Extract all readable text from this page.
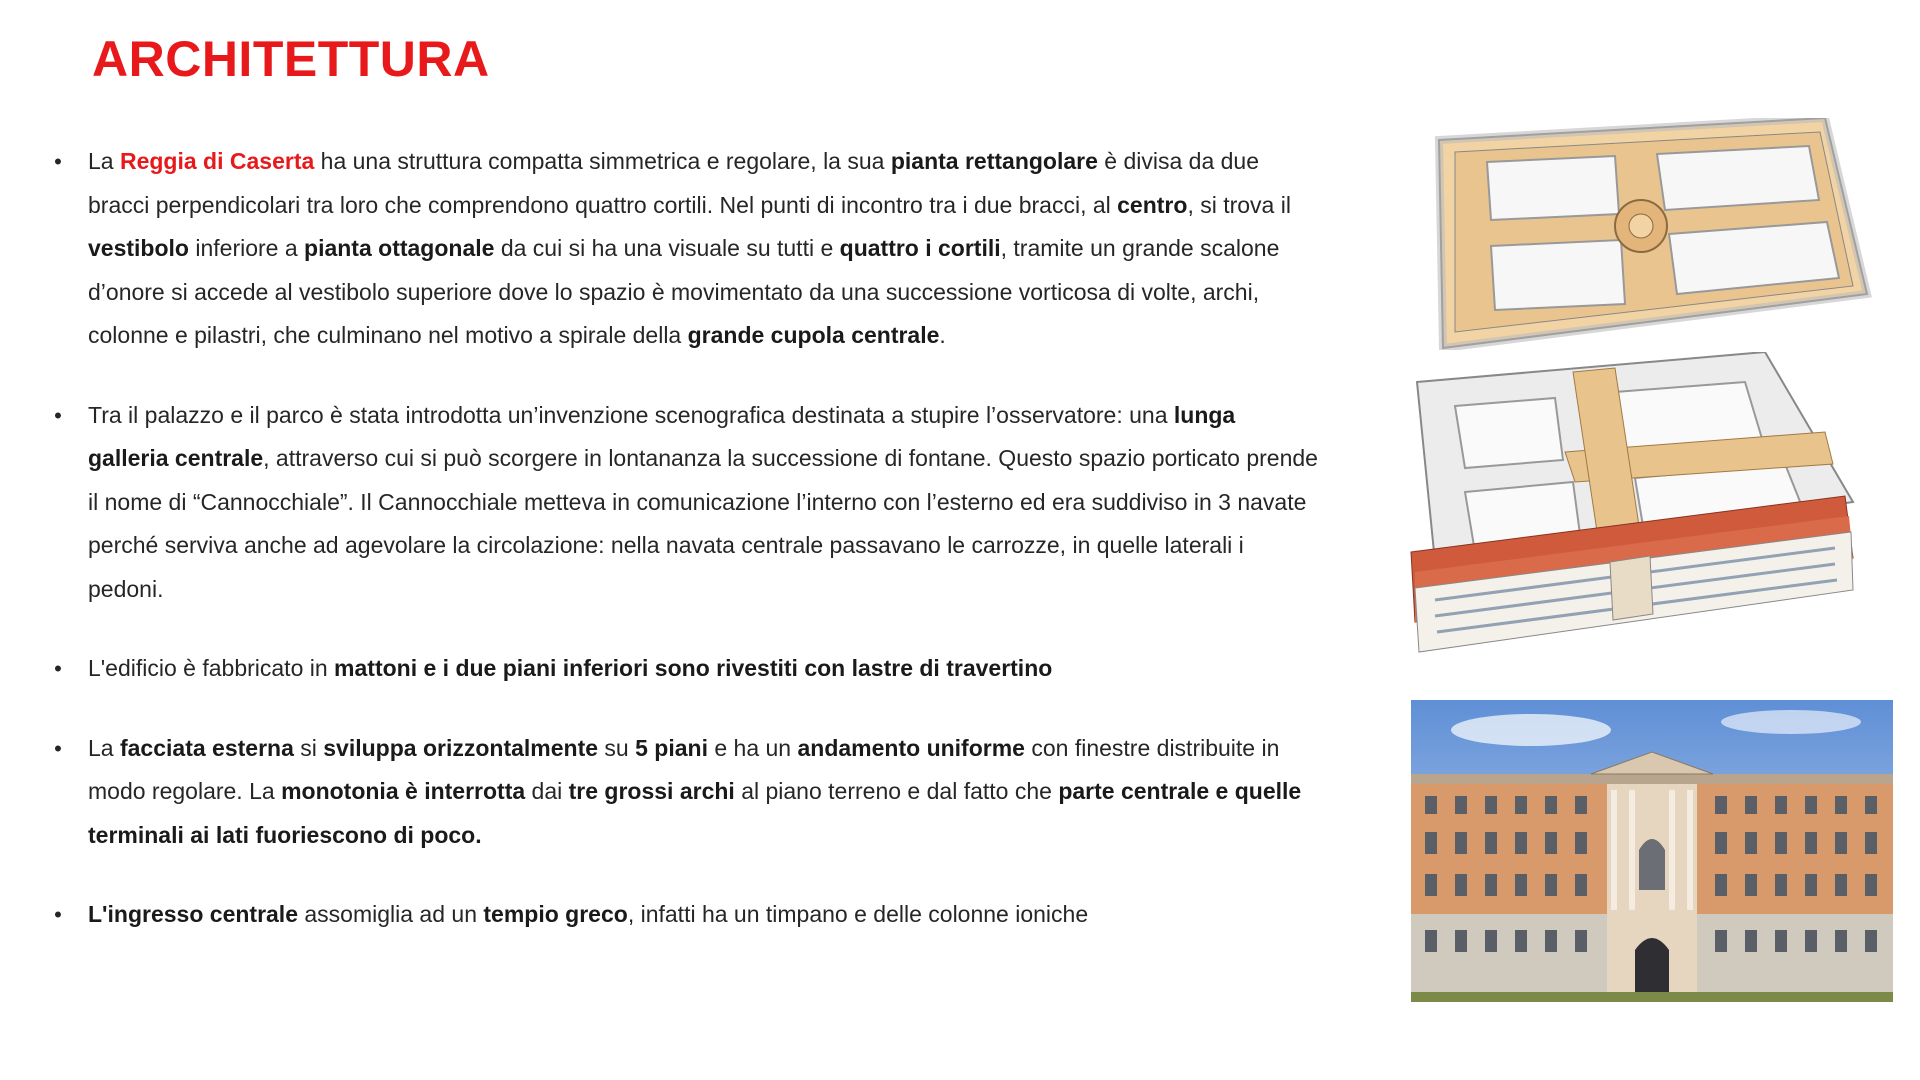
ARCHITETTURA
• La Reggia di Caserta ha una struttura compatta simmetrica e regolare, la sua pianta rettangolare è divisa da due bracci perpendicolari tra loro che comprendono quattro cortili. Nel punti di incontro tra i due bracci, al centro, si trova il vestibolo inferiore a pianta ottagonale da cui si ha una visuale su tutti e quattro i cortili, tramite un grande scalone d’onore si accede al vestibolo superiore dove lo spazio è movimentato da una successione vorticosa di volte, archi, colonne e pilastri, che culminano nel motivo a spirale della grande cupola centrale.
• Tra il palazzo e il parco è stata introdotta un’invenzione scenografica destinata a stupire l’osservatore: una lunga galleria centrale, attraverso cui si può scorgere in lontananza la successione di fontane. Questo spazio porticato prende il nome di “Cannocchiale”. Il Cannocchiale metteva in comunicazione l’interno con l’esterno ed era suddiviso in 3 navate perché serviva anche ad agevolare la circolazione: nella navata centrale passavano le carrozze, in quelle laterali i pedoni.
• L'edificio è fabbricato in mattoni e i due piani inferiori sono rivestiti con lastre di travertino
• La facciata esterna si sviluppa orizzontalmente su 5 piani e ha un andamento uniforme con finestre distribuite in modo regolare. La monotonia è interrotta dai tre grossi archi al piano terreno e dal fatto che parte centrale e quelle terminali ai lati fuoriescono di poco.
• L'ingresso centrale assomiglia ad un tempio greco, infatti ha un timpano e delle colonne ioniche
